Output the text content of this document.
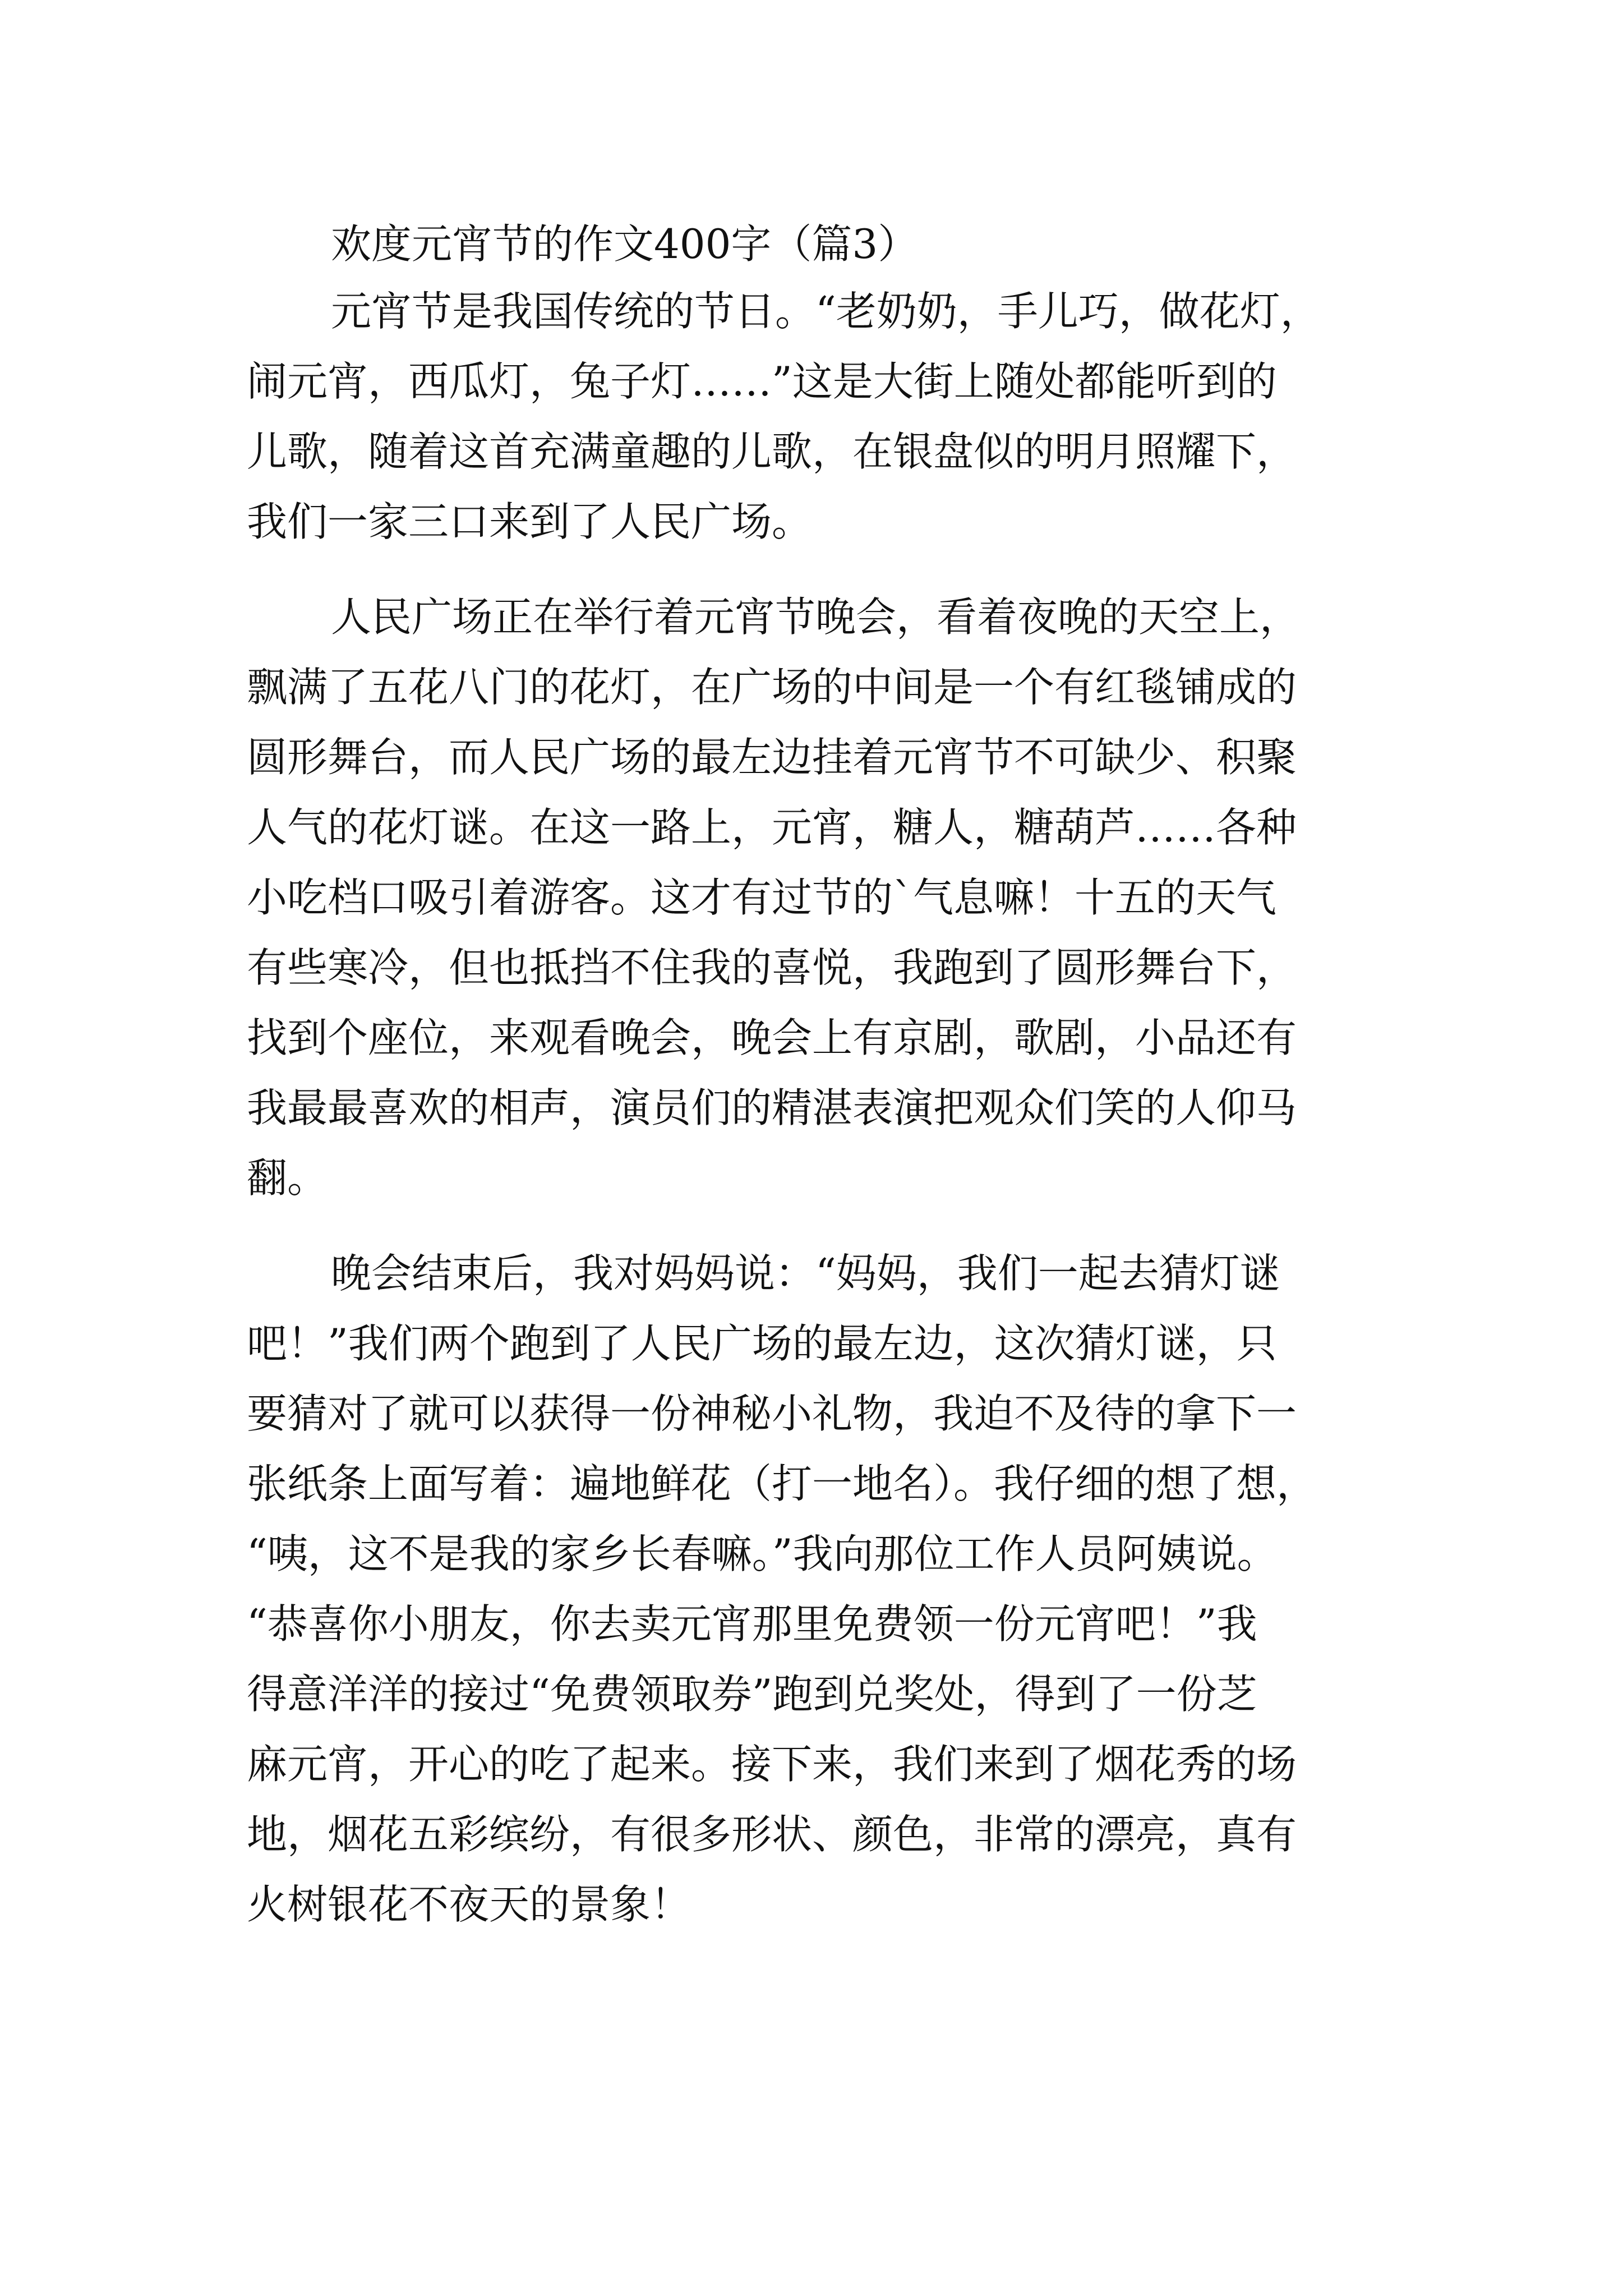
欢度元宵节的作文400字（篇3）

元宵节是我国传统的节日。“老奶奶，手儿巧，做花灯，

闹元宵，西瓜灯，兔子灯……”这是大街上随处都能听到的

儿歌，随着这首充满童趣的儿歌，在银盘似的明月照耀下，

我们一家三口来到了人民广场。

人民广场正在举行着元宵节晚会，看着夜晚的天空上，

飘满了五花八门的花灯，在广场的中间是一个有红毯铺成的

圆形舞台，而人民广场的最左边挂着元宵节不可缺少、积聚

人气的花灯谜。在这一路上，元宵，糖人，糖葫芦……各种

小吃档口吸引着游客。这才有过节的`气息嘛！十五的天气

有些寒冷，但也抵挡不住我的喜悦，我跑到了圆形舞台下，

找到个座位，来观看晚会，晚会上有京剧，歌剧，小品还有

我最最喜欢的相声，演员们的精湛表演把观众们笑的人仰马

翻。

晚会结束后，我对妈妈说：“妈妈，我们一起去猜灯谜

吧！”我们两个跑到了人民广场的最左边，这次猜灯谜，只

要猜对了就可以获得一份神秘小礼物，我迫不及待的拿下一

张纸条上面写着：遍地鲜花（打一地名）。我仔细的想了想，

“咦，这不是我的家乡长春嘛。”我向那位工作人员阿姨说。

“恭喜你小朋友，你去卖元宵那里免费领一份元宵吧！”我

得意洋洋的接过“免费领取券”跑到兑奖处，得到了一份芝

麻元宵，开心的吃了起来。接下来，我们来到了烟花秀的场

地，烟花五彩缤纷，有很多形状、颜色，非常的漂亮，真有

火树银花不夜天的景象！
